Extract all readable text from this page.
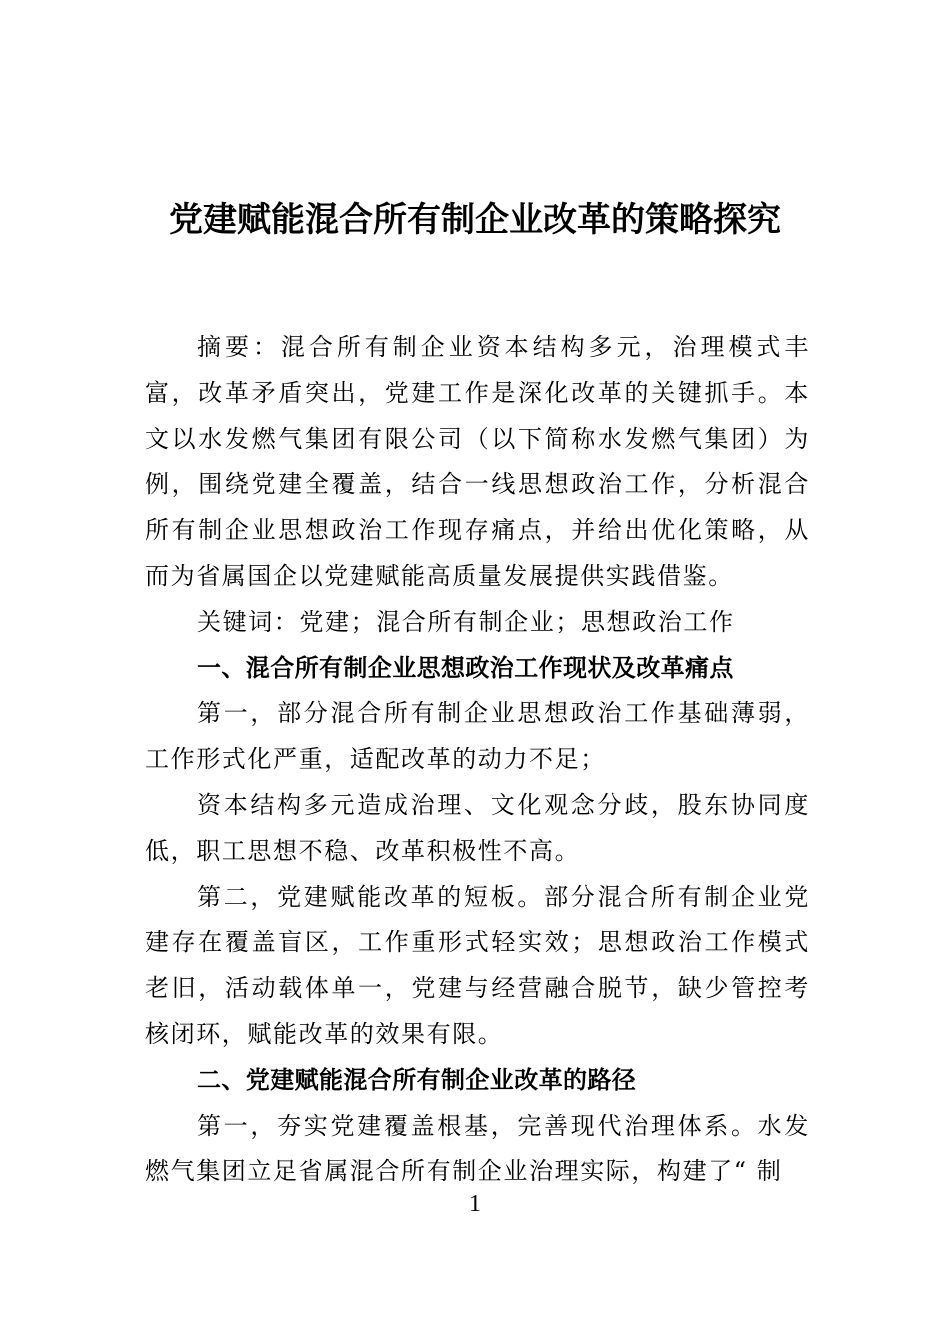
党建赋能混合所有制企业改革的策略探究

摘要：混合所有制企业资本结构多元，治理模式丰富，改革矛盾突出，党建工作是深化改革的关键抓手。本文以水发燃气集团有限公司（以下简称水发燃气集团）为例，围绕党建全覆盖，结合一线思想政治工作，分析混合所有制企业思想政治工作现存痛点，并给出优化策略，从而为省属国企以党建赋能高质量发展提供实践借鉴。

关键词：党建；混合所有制企业；思想政治工作

一、混合所有制企业思想政治工作现状及改革痛点

第一，部分混合所有制企业思想政治工作基础薄弱，工作形式化严重，适配改革的动力不足；

资本结构多元造成治理、文化观念分歧，股东协同度低，职工思想不稳、改革积极性不高。

第二，党建赋能改革的短板。部分混合所有制企业党建存在覆盖盲区，工作重形式轻实效；思想政治工作模式老旧，活动载体单一，党建与经营融合脱节，缺少管控考核闭环，赋能改革的效果有限。

二、党建赋能混合所有制企业改革的路径

第一，夯实党建覆盖根基，完善现代治理体系。水发燃气集团立足省属混合所有制企业治理实际，构建了“ 制

1
